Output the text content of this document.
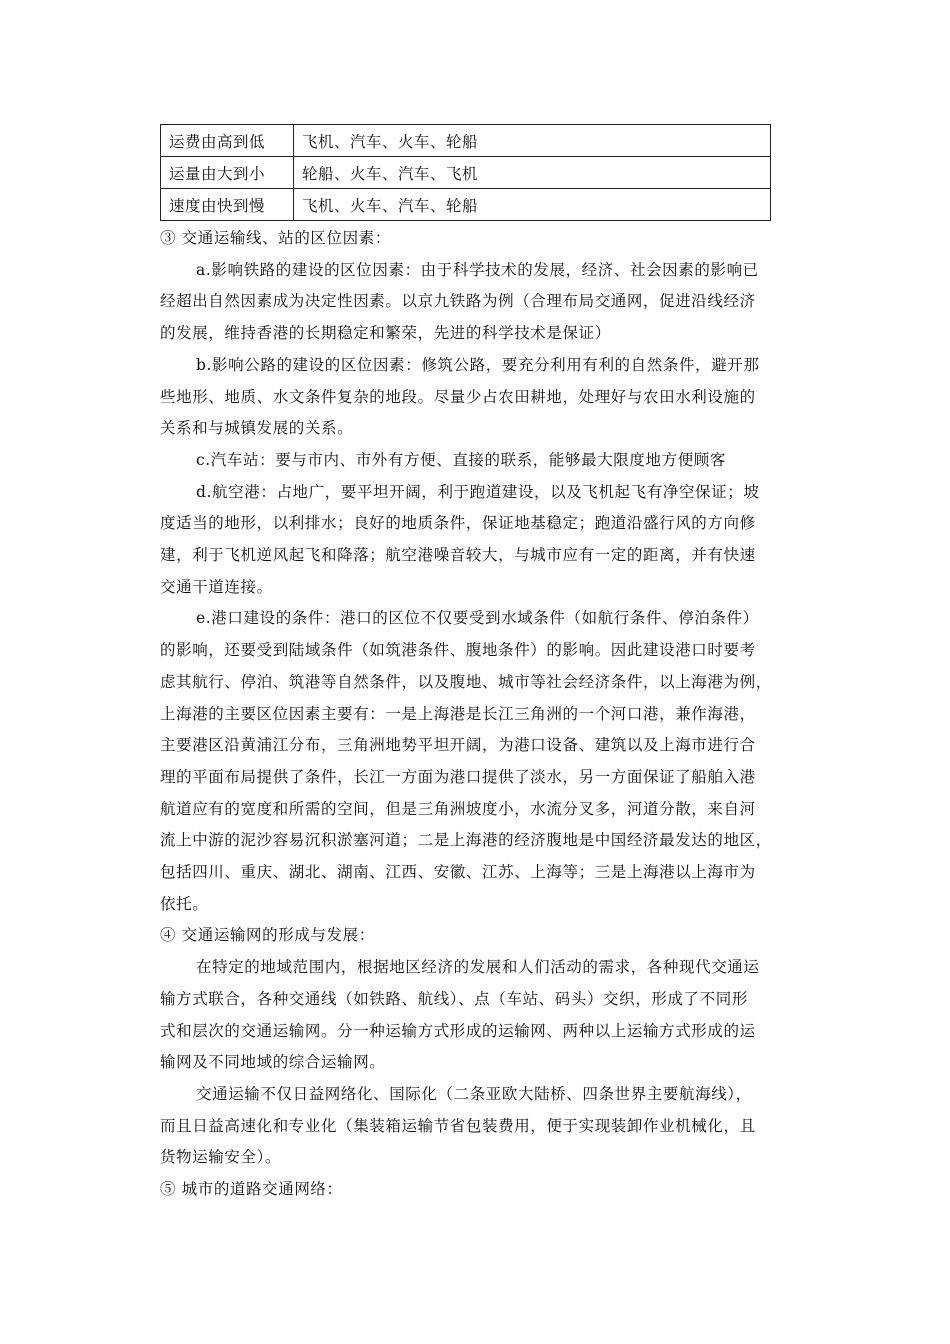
运费由高到低	飞机、汽车、火车、轮船
运量由大到小	轮船、火车、汽车、飞机
速度由快到慢	飞机、火车、汽车、轮船
③ 交通运输线、站的区位因素：
a.影响铁路的建设的区位因素：由于科学技术的发展，经济、社会因素的影响已
经超出自然因素成为决定性因素。以京九铁路为例（合理布局交通网，促进沿线经济
的发展，维持香港的长期稳定和繁荣，先进的科学技术是保证）
b.影响公路的建设的区位因素：修筑公路，要充分利用有利的自然条件，避开那
些地形、地质、水文条件复杂的地段。尽量少占农田耕地，处理好与农田水利设施的
关系和与城镇发展的关系。
c.汽车站：要与市内、市外有方便、直接的联系，能够最大限度地方便顾客
d.航空港：占地广，要平坦开阔，利于跑道建设，以及飞机起飞有净空保证；坡
度适当的地形，以利排水；良好的地质条件，保证地基稳定；跑道沿盛行风的方向修
建，利于飞机逆风起飞和降落；航空港噪音较大，与城市应有一定的距离，并有快速
交通干道连接。
e.港口建设的条件：港口的区位不仅要受到水域条件（如航行条件、停泊条件）
的影响，还要受到陆域条件（如筑港条件、腹地条件）的影响。因此建设港口时要考
虑其航行、停泊、筑港等自然条件，以及腹地、城市等社会经济条件，以上海港为例，
上海港的主要区位因素主要有：一是上海港是长江三角洲的一个河口港，兼作海港，
主要港区沿黄浦江分布，三角洲地势平坦开阔，为港口设备、建筑以及上海市进行合
理的平面布局提供了条件，长江一方面为港口提供了淡水，另一方面保证了船舶入港
航道应有的宽度和所需的空间，但是三角洲坡度小，水流分叉多，河道分散，来自河
流上中游的泥沙容易沉积淤塞河道；二是上海港的经济腹地是中国经济最发达的地区，
包括四川、重庆、湖北、湖南、江西、安徽、江苏、上海等；三是上海港以上海市为
依托。
④ 交通运输网的形成与发展：
在特定的地域范围内，根据地区经济的发展和人们活动的需求，各种现代交通运
输方式联合，各种交通线（如铁路、航线）、点（车站、码头）交织，形成了不同形
式和层次的交通运输网。分一种运输方式形成的运输网、两种以上运输方式形成的运
输网及不同地域的综合运输网。
交通运输不仅日益网络化、国际化（二条亚欧大陆桥、四条世界主要航海线），
而且日益高速化和专业化（集装箱运输节省包装费用，便于实现装卸作业机械化，且
货物运输安全）。
⑤ 城市的道路交通网络：
